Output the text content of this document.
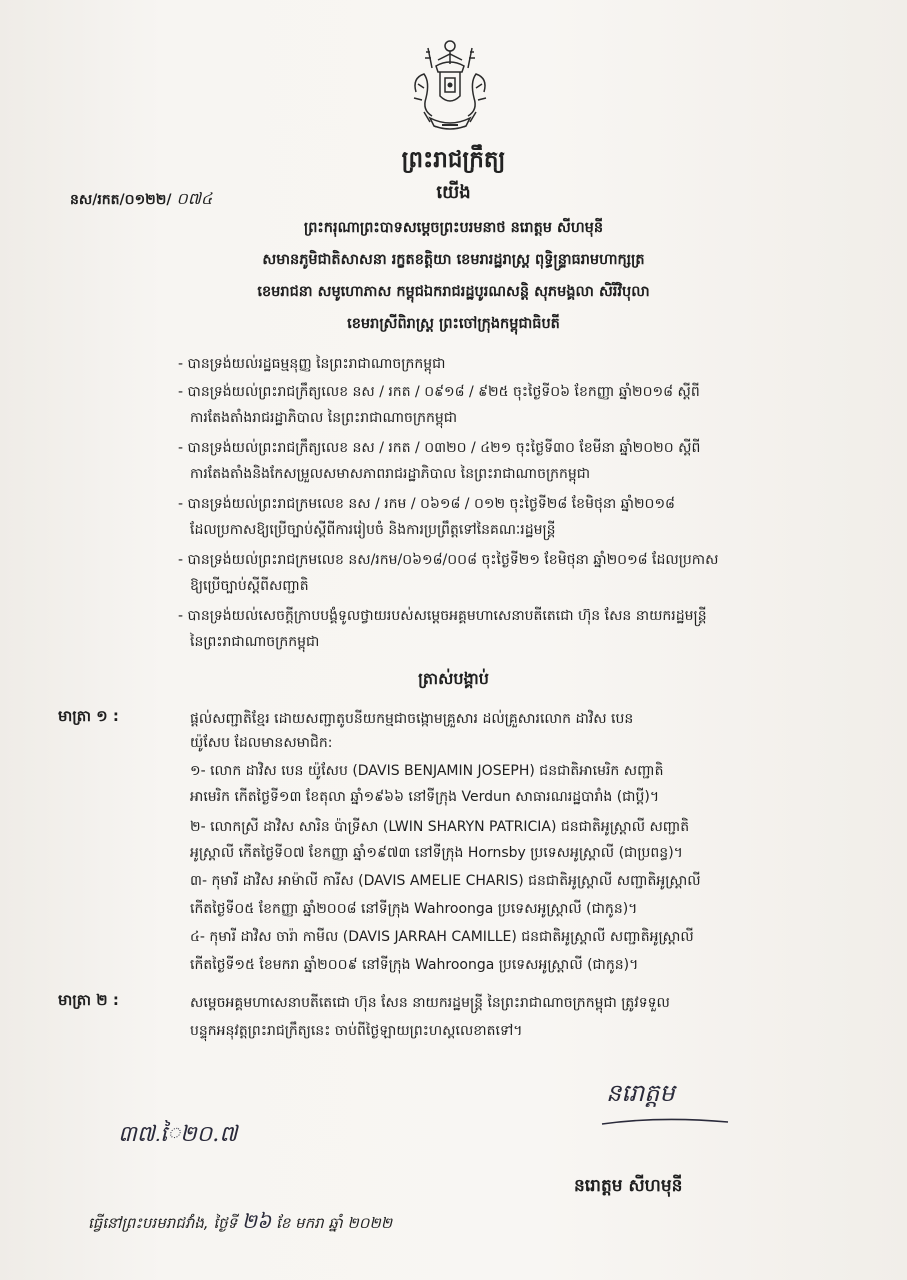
ព្រះរាជក្រឹត្យ
យើង
នស/រកត/០១២២/ ០៧៤
ព្រះករុណាព្រះបាទសម្តេចព្រះបរមនាថ នរោត្តម សីហមុនី
សមានភូមិជាតិសាសនា រក្ខតខត្តិយា ខេមរារដ្ឋរាស្ត្រ ពុទ្ធិន្ទ្រាធរាមហាក្សត្រ
ខេមរាជនា សមូហោភាស កម្ពុជឯករាជរដ្ឋបូរណសន្តិ សុភមង្គលា សិរីវិបុលា
ខេមរាស្រីពិរាស្ត្រ ព្រះចៅក្រុងកម្ពុជាធិបតី
- បានទ្រង់យល់រដ្ឋធម្មនុញ្ញ នៃព្រះរាជាណាចក្រកម្ពុជា
- បានទ្រង់យល់ព្រះរាជក្រឹត្យលេខ នស / រកត / ០៩១៨ / ៩២៥ ចុះថ្ងៃទី០៦ ខែកញ្ញា ឆ្នាំ២០១៨ ស្តីពី
ការតែងតាំងរាជរដ្ឋាភិបាល នៃព្រះរាជាណាចក្រកម្ពុជា
- បានទ្រង់យល់ព្រះរាជក្រឹត្យលេខ នស / រកត / ០៣២០ / ៤២១ ចុះថ្ងៃទី៣០ ខែមីនា ឆ្នាំ២០២០ ស្តីពី
ការតែងតាំងនិងកែសម្រួលសមាសភាពរាជរដ្ឋាភិបាល នៃព្រះរាជាណាចក្រកម្ពុជា
- បានទ្រង់យល់ព្រះរាជក្រមលេខ នស / រកម / ០៦១៨ / ០១២ ចុះថ្ងៃទី២៨ ខែមិថុនា ឆ្នាំ២០១៨
ដែលប្រកាសឱ្យប្រើច្បាប់ស្តីពីការរៀបចំ និងការប្រព្រឹត្តទៅនៃគណៈរដ្ឋមន្ត្រី
- បានទ្រង់យល់ព្រះរាជក្រមលេខ នស/រកម/០៦១៨/០០៨ ចុះថ្ងៃទី២១ ខែមិថុនា ឆ្នាំ២០១៨ ដែលប្រកាស
ឱ្យប្រើច្បាប់ស្តីពីសញ្ជាតិ
- បានទ្រង់យល់សេចក្តីក្រាបបង្គំទូលថ្វាយរបស់សម្តេចអគ្គមហាសេនាបតីតេជោ ហ៊ុន សែន នាយករដ្ឋមន្ត្រី
នៃព្រះរាជាណាចក្រកម្ពុជា
ត្រាស់បង្គាប់
មាត្រា ១ :	ផ្តល់សញ្ជាតិខ្មែរ ដោយសញ្ជាតូបនីយកម្មជាចង្កោមគ្រួសារ ដល់គ្រួសារលោក ដាវិស បេន
យ៉ូសែប ដែលមានសមាជិក:
១- លោក ដាវិស បេន យ៉ូសែប (DAVIS BENJAMIN JOSEPH) ជនជាតិអាមេរិក សញ្ជាតិ
អាមេរិក កើតថ្ងៃទី១៣ ខែតុលា ឆ្នាំ១៩៦៦ នៅទីក្រុង Verdun សាធារណរដ្ឋបារាំង (ជាប្តី)។
២- លោកស្រី ដាវិស សារិន ប៉ាទ្រីសា (LWIN SHARYN PATRICIA) ជនជាតិអូស្ត្រាលី សញ្ជាតិ
អូស្ត្រាលី កើតថ្ងៃទី០៧ ខែកញ្ញា ឆ្នាំ១៩៧៣ នៅទីក្រុង Hornsby ប្រទេសអូស្ត្រាលី (ជាប្រពន្ធ)។
៣- កុមារី ដាវិស អាម៉ាលី ការីស (DAVIS AMELIE CHARIS) ជនជាតិអូស្ត្រាលី សញ្ជាតិអូស្ត្រាលី
កើតថ្ងៃទី០៥ ខែកញ្ញា ឆ្នាំ២០០៨ នៅទីក្រុង Wahroonga ប្រទេសអូស្ត្រាលី (ជាកូន)។
៤- កុមារី ដាវិស ចារ៉ា កាមីល (DAVIS JARRAH CAMILLE) ជនជាតិអូស្ត្រាលី សញ្ជាតិអូស្ត្រាលី
កើតថ្ងៃទី១៥ ខែមករា ឆ្នាំ២០០៩ នៅទីក្រុង Wahroonga ប្រទេសអូស្ត្រាលី (ជាកូន)។
មាត្រា ២ :	សម្តេចអគ្គមហាសេនាបតីតេជោ ហ៊ុន សែន នាយករដ្ឋមន្ត្រី នៃព្រះរាជាណាចក្រកម្ពុជា ត្រូវទទួល
បន្ទុកអនុវត្តព្រះរាជក្រឹត្យនេះ ចាប់ពីថ្ងៃឡាយព្រះហស្តលេខាតទៅ។
៣៧.ៃ២០.៧
នរោត្តម
នរោត្តម សីហមុនី
ធ្វើនៅព្រះបរមរាជវាំង, ថ្ងៃទី ២៦ ខែ មករា ឆ្នាំ ២០២២
